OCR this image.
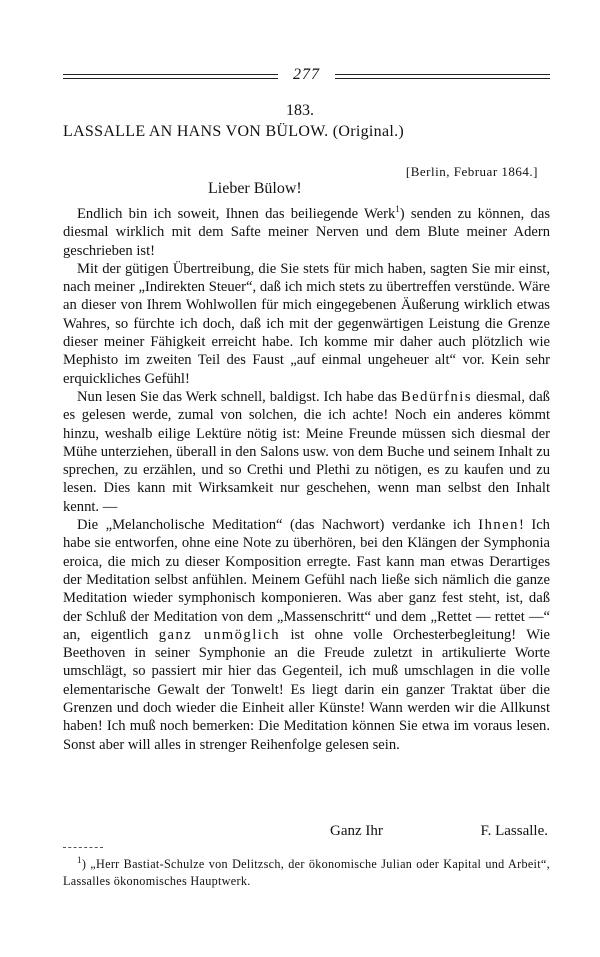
277
183.
LASSALLE AN HANS VON BÜLOW. (Original.)
[Berlin, Februar 1864.]
Lieber Bülow!

Endlich bin ich soweit, Ihnen das beiliegende Werk$^1$) senden zu können, das diesmal wirklich mit dem Safte meiner Nerven und dem Blute meiner Adern geschrieben ist!

Mit der gütigen Übertreibung, die Sie stets für mich haben, sagten Sie mir einst, nach meiner „Indirekten Steuer“, daß ich mich stets zu übertreffen verstünde. Wäre an dieser von Ihrem Wohlwollen für mich eingegebenen Äußerung wirklich etwas Wahres, so fürchte ich doch, daß ich mit der gegenwärtigen Leistung die Grenze dieser meiner Fähigkeit erreicht habe. Ich komme mir daher auch plötzlich wie Mephisto im zweiten Teil des Faust „auf einmal ungeheuer alt“ vor. Kein sehr erquickliches Gefühl!

Nun lesen Sie das Werk schnell, baldigst. Ich habe das Bedürfnis diesmal, daß es gelesen werde, zumal von solchen, die ich achte! Noch ein anderes kömmt hinzu, weshalb eilige Lektüre nötig ist: Meine Freunde müssen sich diesmal der Mühe unterziehen, überall in den Salons usw. von dem Buche und seinem Inhalt zu sprechen, zu erzählen, und so Crethi und Plethi zu nötigen, es zu kaufen und zu lesen. Dies kann mit Wirksamkeit nur geschehen, wenn man selbst den Inhalt kennt. —

Die „Melancholische Meditation“ (das Nachwort) verdanke ich Ihnen! Ich habe sie entworfen, ohne eine Note zu überhören, bei den Klängen der Symphonia eroica, die mich zu dieser Komposition erregte. Fast kann man etwas Derartiges der Meditation selbst anfühlen. Meinem Gefühl nach ließe sich nämlich die ganze Meditation wieder symphonisch komponieren. Was aber ganz fest steht, ist, daß der Schluß der Meditation von dem „Massenschritt“ und dem „Rettet — rettet —“ an, eigentlich ganz unmöglich ist ohne volle Orchesterbegleitung! Wie Beethoven in seiner Symphonie an die Freude zuletzt in artikulierte Worte umschlägt, so passiert mir hier das Gegenteil, ich muß umschlagen in die volle elementarische Gewalt der Tonwelt! Es liegt darin ein ganzer Traktat über die Grenzen und doch wieder die Einheit aller Künste! Wann werden wir die Allkunst haben! Ich muß noch bemerken: Die Meditation können Sie etwa im voraus lesen. Sonst aber will alles in strenger Reihenfolge gelesen sein.

Ganz Ihr	F. Lassalle.

$^1$) „Herr Bastiat-Schulze von Delitzsch, der ökonomische Julian oder Kapital und Arbeit“, Lassalles ökonomisches Hauptwerk.
